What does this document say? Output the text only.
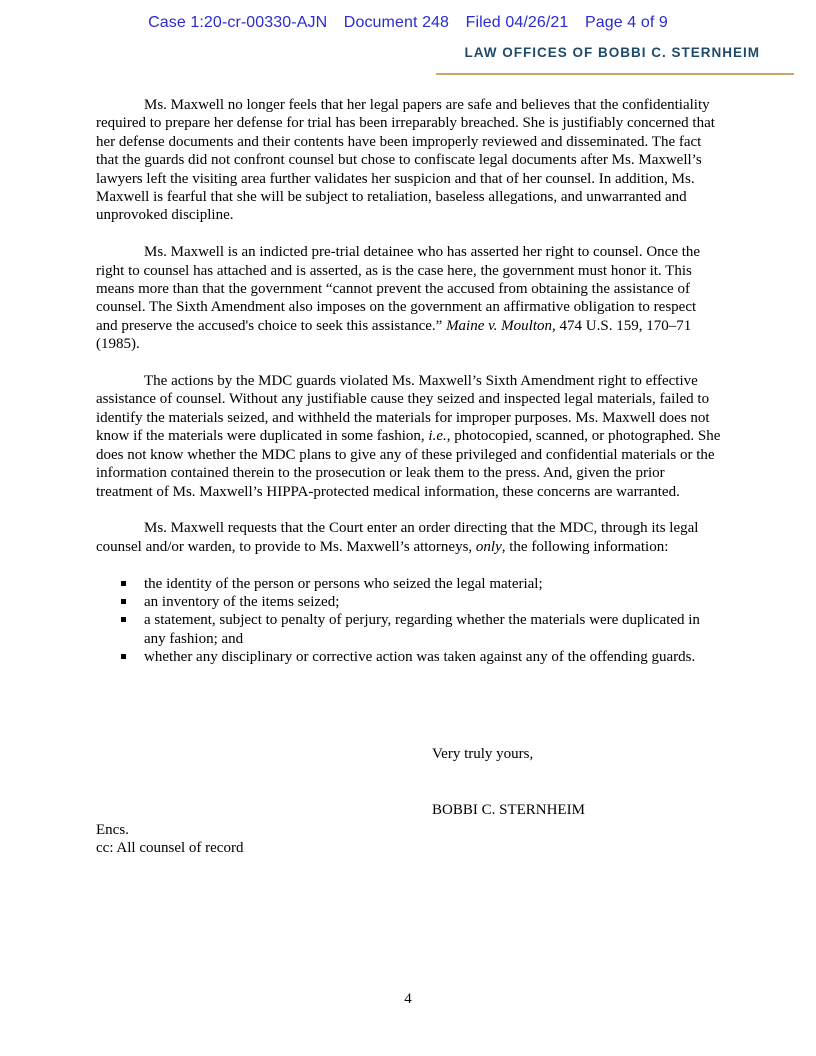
Case 1:20-cr-00330-AJN Document 248 Filed 04/26/21 Page 4 of 9
LAW OFFICES OF BOBBI C. STERNHEIM

Ms. Maxwell no longer feels that her legal papers are safe and believes that the confidentiality required to prepare her defense for trial has been irreparably breached. She is justifiably concerned that her defense documents and their contents have been improperly reviewed and disseminated. The fact that the guards did not confront counsel but chose to confiscate legal documents after Ms. Maxwell’s lawyers left the visiting area further validates her suspicion and that of her counsel. In addition, Ms. Maxwell is fearful that she will be subject to retaliation, baseless allegations, and unwarranted and unprovoked discipline.

Ms. Maxwell is an indicted pre-trial detainee who has asserted her right to counsel. Once the right to counsel has attached and is asserted, as is the case here, the government must honor it. This means more than that the government “cannot prevent the accused from obtaining the assistance of counsel. The Sixth Amendment also imposes on the government an affirmative obligation to respect and preserve the accused's choice to seek this assistance.” Maine v. Moulton, 474 U.S. 159, 170–71 (1985).

The actions by the MDC guards violated Ms. Maxwell’s Sixth Amendment right to effective assistance of counsel. Without any justifiable cause they seized and inspected legal materials, failed to identify the materials seized, and withheld the materials for improper purposes. Ms. Maxwell does not know if the materials were duplicated in some fashion, i.e., photocopied, scanned, or photographed. She does not know whether the MDC plans to give any of these privileged and confidential materials or the information contained therein to the prosecution or leak them to the press. And, given the prior treatment of Ms. Maxwell’s HIPPA-protected medical information, these concerns are warranted.

Ms. Maxwell requests that the Court enter an order directing that the MDC, through its legal counsel and/or warden, to provide to Ms. Maxwell’s attorneys, only, the following information:

the identity of the person or persons who seized the legal material;
an inventory of the items seized;
a statement, subject to penalty of perjury, regarding whether the materials were duplicated in any fashion; and
whether any disciplinary or corrective action was taken against any of the offending guards.
Very truly yours,
BOBBI C. STERNHEIM
Encs.
cc: All counsel of record
4
